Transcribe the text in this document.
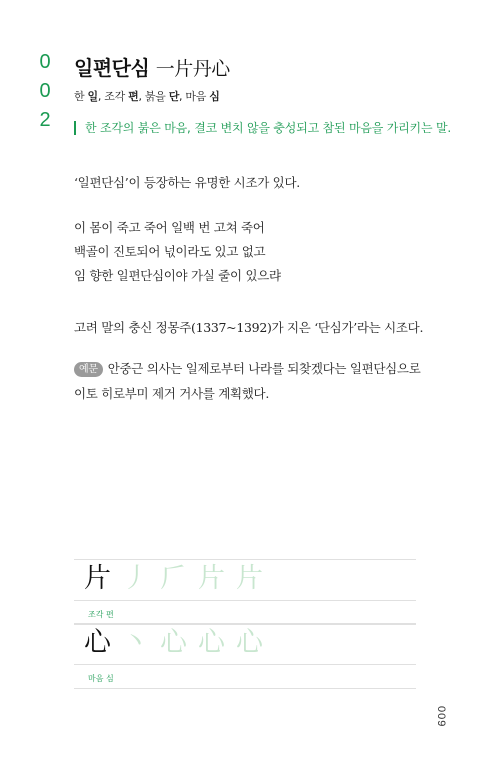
0
0
2
일편단심 一片丹心
한 일, 조각 편, 붉을 단, 마음 심
한 조각의 붉은 마음, 결코 변치 않을 충성되고 참된 마음을 가리키는 말.
‘일편단심’이 등장하는 유명한 시조가 있다.
이 몸이 죽고 죽어 일백 번 고쳐 죽어
백골이 진토되어 넋이라도 있고 없고
임 향한 일편단심이야 가실 줄이 있으랴
고려 말의 충신 정몽주(1337~1392)가 지은 ‘단심가’라는 시조다.
예문 안중근 의사는 일제로부터 나라를 되찾겠다는 일편단심으로
이토 히로부미 제거 거사를 계획했다.
片 丿 𠂆 片 片
조각 편
心 丶 心 心 心
마음 심
009
